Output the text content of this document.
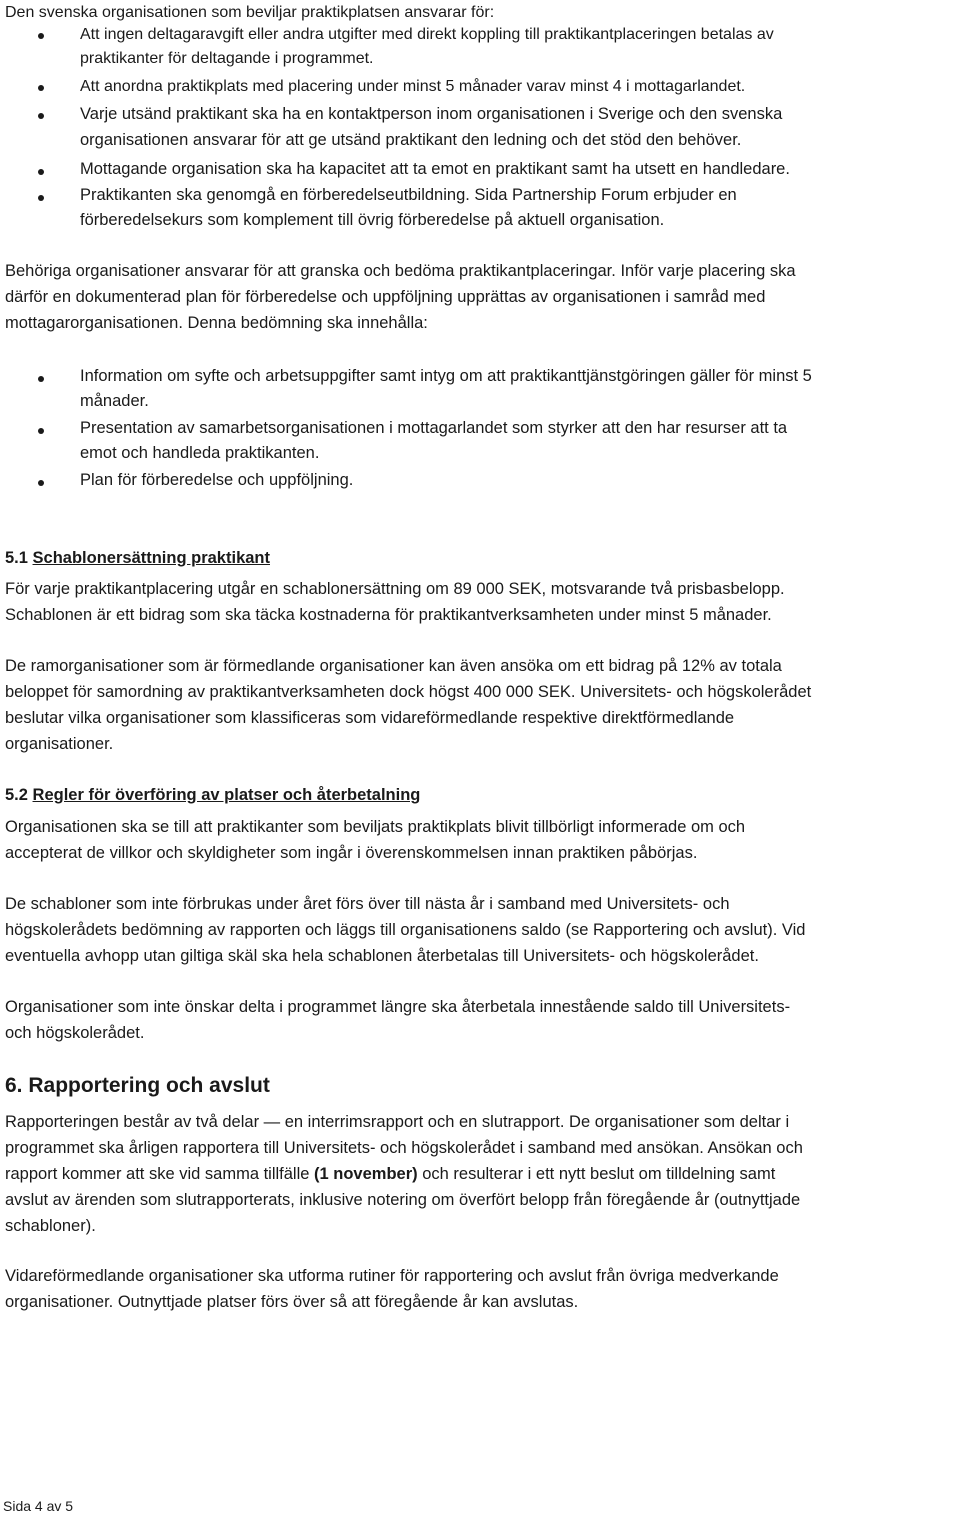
Den svenska organisationen som beviljar praktikplatsen ansvarar för:

Att ingen deltagaravgift eller andra utgifter med direkt koppling till praktikantplaceringen betalas av

praktikanter för deltagande i programmet.

Att anordna praktikplats med placering under minst 5 månader varav minst 4 i mottagarlandet.

Varje utsänd praktikant ska ha en kontaktperson inom organisationen i Sverige och den svenska

organisationen ansvarar för att ge utsänd praktikant den ledning och det stöd den behöver.

Mottagande organisation ska ha kapacitet att ta emot en praktikant samt ha utsett en handledare.

Praktikanten ska genomgå en förberedelseutbildning. Sida Partnership Forum erbjuder en

förberedelsekurs som komplement till övrig förberedelse på aktuell organisation.

Behöriga organisationer ansvarar för att granska och bedöma praktikantplaceringar. Inför varje placering ska

därför en dokumenterad plan för förberedelse och uppföljning upprättas av organisationen i samråd med

mottagarorganisationen. Denna bedömning ska innehålla:

Information om syfte och arbetsuppgifter samt intyg om att praktikanttjänstgöringen gäller för minst 5

månader.

Presentation av samarbetsorganisationen i mottagarlandet som styrker att den har resurser att ta

emot och handleda praktikanten.

Plan för förberedelse och uppföljning.

5.1 Schablonersättning praktikant

För varje praktikantplacering utgår en schablonersättning om 89 000 SEK, motsvarande två prisbasbelopp.

Schablonen är ett bidrag som ska täcka kostnaderna för praktikantverksamheten under minst 5 månader.

De ramorganisationer som är förmedlande organisationer kan även ansöka om ett bidrag på 12% av totala

beloppet för samordning av praktikantverksamheten dock högst 400 000 SEK. Universitets- och högskolerådet

beslutar vilka organisationer som klassificeras som vidareförmedlande respektive direktförmedlande

organisationer.

5.2 Regler för överföring av platser och återbetalning

Organisationen ska se till att praktikanter som beviljats praktikplats blivit tillbörligt informerade om och

accepterat de villkor och skyldigheter som ingår i överenskommelsen innan praktiken påbörjas.

De schabloner som inte förbrukas under året förs över till nästa år i samband med Universitets- och

högskolerådets bedömning av rapporten och läggs till organisationens saldo (se Rapportering och avslut). Vid

eventuella avhopp utan giltiga skäl ska hela schablonen återbetalas till Universitets- och högskolerådet.

Organisationer som inte önskar delta i programmet längre ska återbetala innestående saldo till Universitets-

och högskolerådet.

6. Rapportering och avslut

Rapporteringen består av två delar — en interrimsrapport och en slutrapport. De organisationer som deltar i

programmet ska årligen rapportera till Universitets- och högskolerådet i samband med ansökan. Ansökan och

rapport kommer att ske vid samma tillfälle (1 november) och resulterar i ett nytt beslut om tilldelning samt

avslut av ärenden som slutrapporterats, inklusive notering om överfört belopp från föregående år (outnyttjade

schabloner).

Vidareförmedlande organisationer ska utforma rutiner för rapportering och avslut från övriga medverkande

organisationer. Outnyttjade platser förs över så att föregående år kan avslutas.

Sida 4 av 5
